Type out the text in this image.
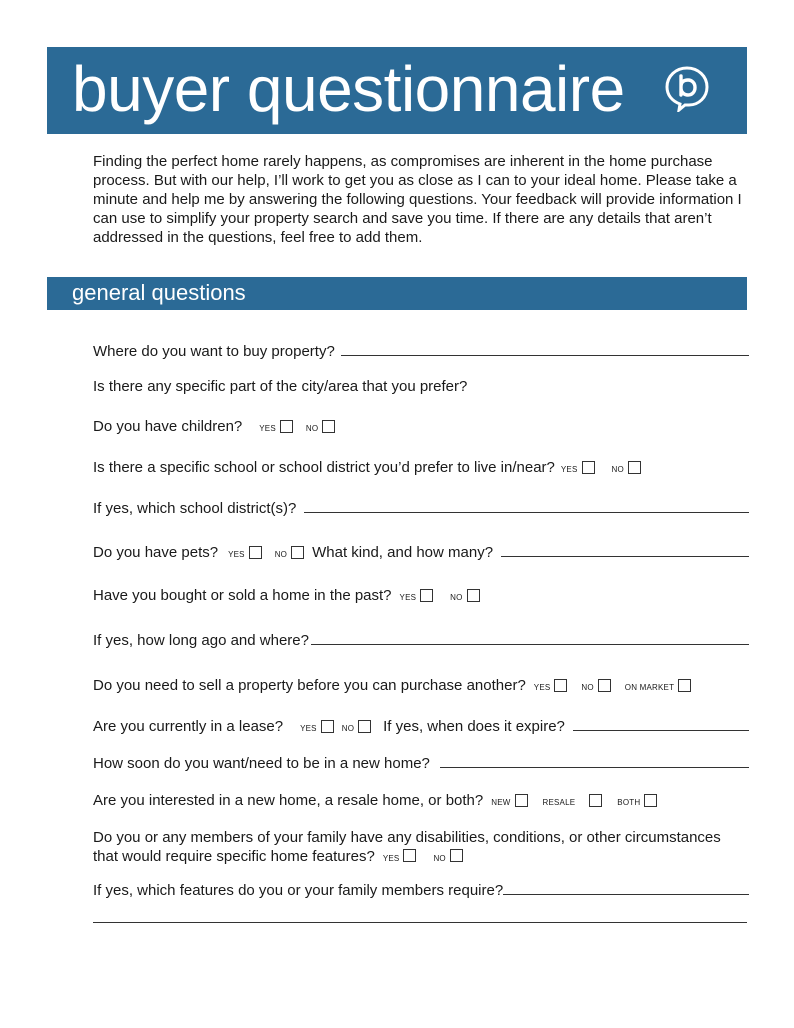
buyer questionnaire

Finding the perfect home rarely happens, as compromises are inherent in the home purchase process. But with our help, I’ll work to get you as close as I can to your ideal home. Please take a minute and help me by answering the following questions. Your feedback will provide information I can use to simplify your property search and save you time. If there are any details that aren’t addressed in the questions, feel free to add them.

general questions
Where do you want to buy property?
Is there any specific part of the city/area that you prefer?
Do you have children? YES	NO
Is there a specific school or school district you’d prefer to live in/near? YES	NO
If yes, which school district(s)?
Do you have pets? YES	NO What kind, and how many?
Have you bought or sold a home in the past? YES	NO
If yes, how long ago and where?
Do you need to sell a property before you can purchase another? YES	NO	ON MARKET
Are you currently in a lease? YES	NO If yes, when does it expire?
How soon do you want/need to be in a new home?
Are you interested in a new home, a resale home, or both? NEW	RESALE	BOTH
Do you or any members of your family have any disabilities, conditions, or other circumstances that would require specific home features? YES	NO
If yes, which features do you or your family members require?
